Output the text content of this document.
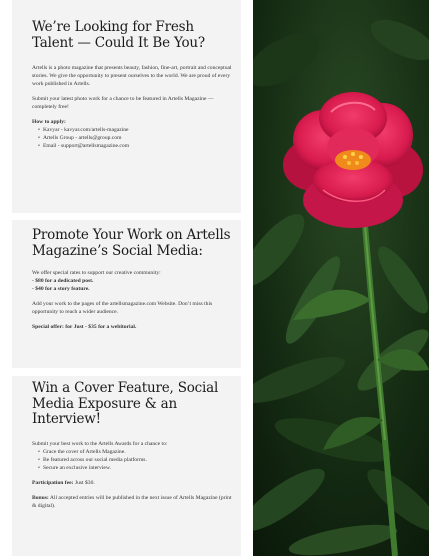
We’re Looking for Fresh Talent — Could It Be You?

Artells is a photo magazine that presents beauty, fashion, fine-art, portrait and conceptual stories. We give the opportunity to present ourselves to the world. We are proud of every work published in Artells.

Submit your latest photo work for a chance to be featured in Artells Magazine — completely free!

How to apply:

• Kavyar - kavyar.com/artells-magazine
• Artells Group - artells@group.com
• Email - support@artellsmagazine.com
Promote Your Work on Artells Magazine’s Social Media:

We offer special rates to support our creative community:

- $80 for a dedicated post.

- $40 for a story feature.

Add your work to the pages of the artellsmagazine.com Website. Don’t miss this opportunity to reach a wider audience.

Special offer: for Just - $35 for a webitorial.

Win a Cover Feature, Social Media Exposure & an Interview!

Submit your best work to the Artells Awards for a chance to:

• Grace the cover of Artells Magazine.
• Be featured across our social media platforms.
• Secure an exclusive interview.

Participation fee: Just $30.

Bonus: All accepted entries will be published in the next issue of Artells Magazine (print & digital).
